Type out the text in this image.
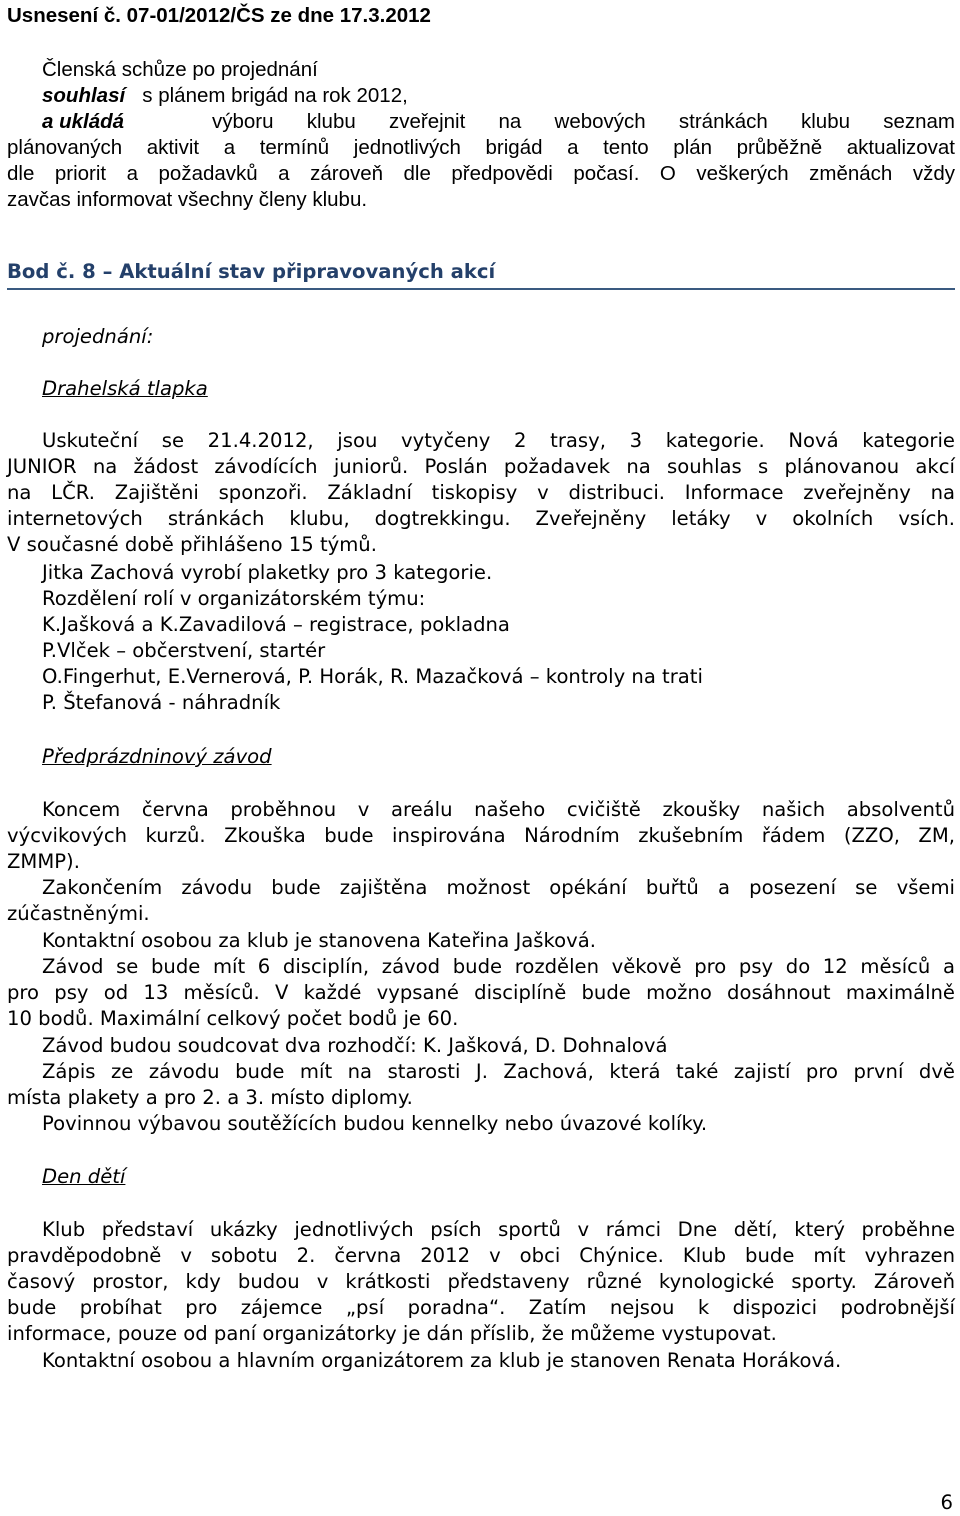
Usnesení č. 07-01/2012/ČS ze dne 17.3.2012
Členská schůze po projednání
souhlasí s plánem brigád na rok 2012,
a ukládá	výboru klubu zveřejnit na webových stránkách klubu seznam
plánovaných aktivit a termínů jednotlivých brigád a tento plán průběžně aktualizovat
dle priorit a požadavků a zároveň dle předpovědi počasí. O veškerých změnách vždy
zavčas informovat všechny členy klubu.
Bod č. 8 – Aktuální stav připravovaných akcí
projednání:
Drahelská tlapka
Uskuteční se 21.4.2012, jsou vytyčeny 2 trasy, 3 kategorie. Nová kategorie
JUNIOR na žádost závodících juniorů. Poslán požadavek na souhlas s plánovanou akcí
na LČR. Zajištěni sponzoři. Základní tiskopisy v distribuci. Informace zveřejněny na
internetových stránkách klubu, dogtrekkingu. Zveřejněny letáky v okolních vsích.
V současné době přihlášeno 15 týmů.
Jitka Zachová vyrobí plaketky pro 3 kategorie.
Rozdělení rolí v organizátorském týmu:
K.Jašková a K.Zavadilová – registrace, pokladna
P.Vlček – občerstvení, startér
O.Fingerhut, E.Vernerová, P. Horák, R. Mazačková – kontroly na trati
P. Štefanová - náhradník
Předprázdninový závod
Koncem června proběhnou v areálu našeho cvičiště zkoušky našich absolventů
výcvikových kurzů. Zkouška bude inspirována Národním zkušebním řádem (ZZO, ZM,
ZMMP).
Zakončením závodu bude zajištěna možnost opékání buřtů a posezení se všemi
zúčastněnými.
Kontaktní osobou za klub je stanovena Kateřina Jašková.
Závod se bude mít 6 disciplín, závod bude rozdělen věkově pro psy do 12 měsíců a
pro psy od 13 měsíců. V každé vypsané disciplíně bude možno dosáhnout maximálně
10 bodů. Maximální celkový počet bodů je 60.
Závod budou soudcovat dva rozhodčí: K. Jašková, D. Dohnalová
Zápis ze závodu bude mít na starosti J. Zachová, která také zajistí pro první dvě
místa plakety a pro 2. a 3. místo diplomy.
Povinnou výbavou soutěžících budou kennelky nebo úvazové kolíky.
Den dětí
Klub představí ukázky jednotlivých psích sportů v rámci Dne dětí, který proběhne
pravděpodobně v sobotu 2. června 2012 v obci Chýnice. Klub bude mít vyhrazen
časový prostor, kdy budou v krátkosti představeny různé kynologické sporty. Zároveň
bude probíhat pro zájemce „psí poradna“. Zatím nejsou k dispozici podrobnější
informace, pouze od paní organizátorky je dán příslib, že můžeme vystupovat.
Kontaktní osobou a hlavním organizátorem za klub je stanoven Renata Horáková.
6
